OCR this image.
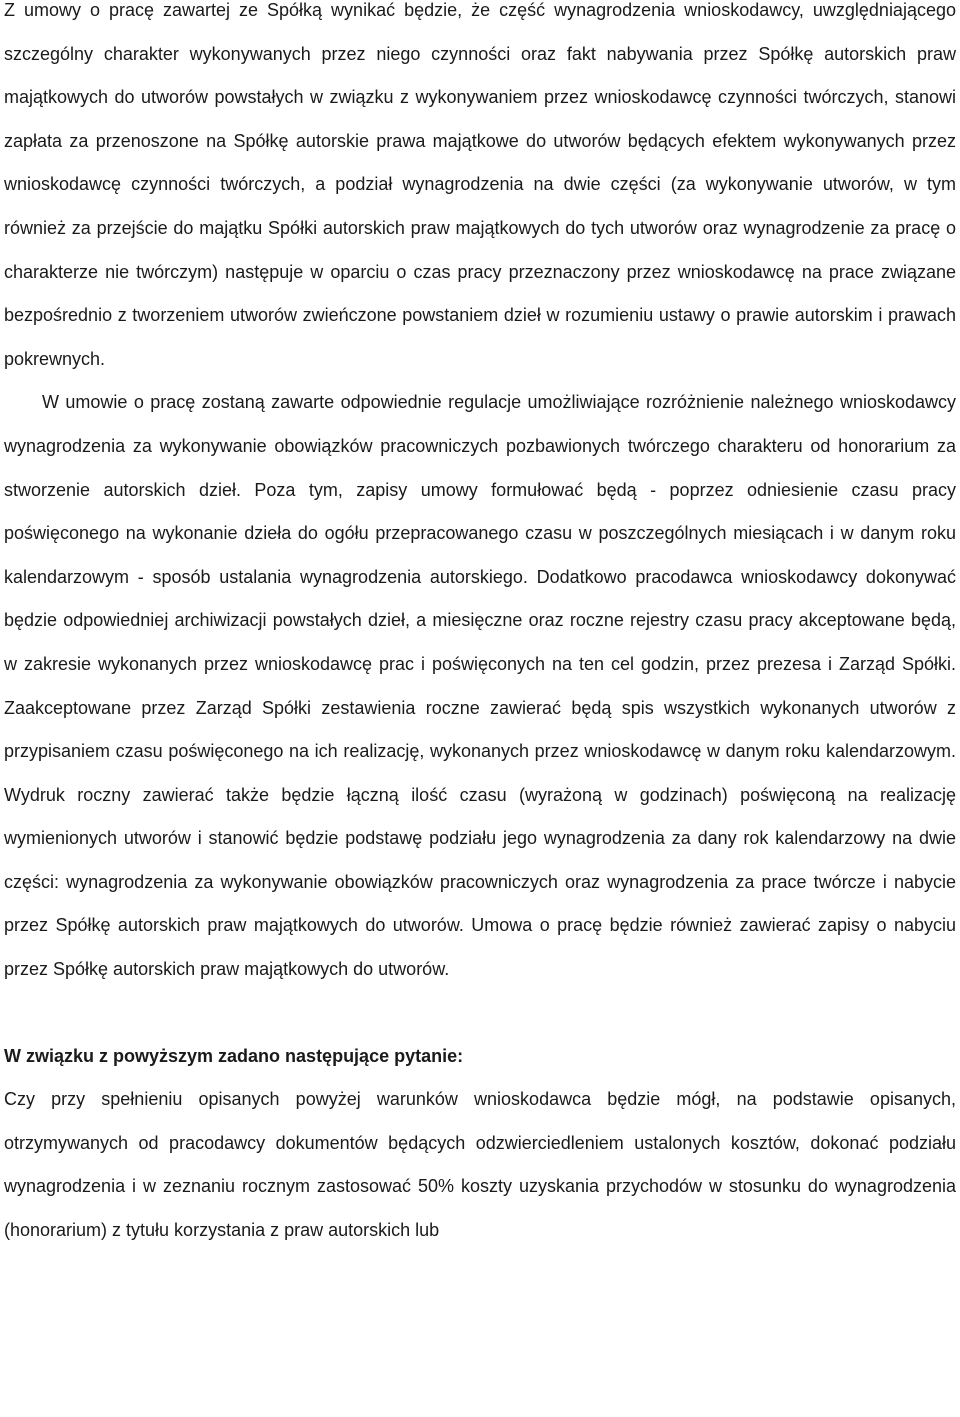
Z umowy o pracę zawartej ze Spółką wynikać będzie, że część wynagrodzenia wnioskodawcy, uwzględniającego szczególny charakter wykonywanych przez niego czynności oraz fakt nabywania przez Spółkę autorskich praw majątkowych do utworów powstałych w związku z wykonywaniem przez wnioskodawcę czynności twórczych, stanowi zapłata za przenoszone na Spółkę autorskie prawa majątkowe do utworów będących efektem wykonywanych przez wnioskodawcę czynności twórczych, a podział wynagrodzenia na dwie części (za wykonywanie utworów, w tym również za przejście do majątku Spółki autorskich praw majątkowych do tych utworów oraz wynagrodzenie za pracę o charakterze nie twórczym) następuje w oparciu o czas pracy przeznaczony przez wnioskodawcę na prace związane bezpośrednio z tworzeniem utworów zwieńczone powstaniem dzieł w rozumieniu ustawy o prawie autorskim i prawach pokrewnych.

W umowie o pracę zostaną zawarte odpowiednie regulacje umożliwiające rozróżnienie należnego wnioskodawcy wynagrodzenia za wykonywanie obowiązków pracowniczych pozbawionych twórczego charakteru od honorarium za stworzenie autorskich dzieł. Poza tym, zapisy umowy formułować będą - poprzez odniesienie czasu pracy poświęconego na wykonanie dzieła do ogółu przepracowanego czasu w poszczególnych miesiącach i w danym roku kalendarzowym - sposób ustalania wynagrodzenia autorskiego. Dodatkowo pracodawca wnioskodawcy dokonywać będzie odpowiedniej archiwizacji powstałych dzieł, a miesięczne oraz roczne rejestry czasu pracy akceptowane będą, w zakresie wykonanych przez wnioskodawcę prac i poświęconych na ten cel godzin, przez prezesa i Zarząd Spółki. Zaakceptowane przez Zarząd Spółki zestawienia roczne zawierać będą spis wszystkich wykonanych utworów z przypisaniem czasu poświęconego na ich realizację, wykonanych przez wnioskodawcę w danym roku kalendarzowym. Wydruk roczny zawierać także będzie łączną ilość czasu (wyrażoną w godzinach) poświęconą na realizację wymienionych utworów i stanowić będzie podstawę podziału jego wynagrodzenia za dany rok kalendarzowy na dwie części: wynagrodzenia za wykonywanie obowiązków pracowniczych oraz wynagrodzenia za prace twórcze i nabycie przez Spółkę autorskich praw majątkowych do utworów. Umowa o pracę będzie również zawierać zapisy o nabyciu przez Spółkę autorskich praw majątkowych do utworów.

W związku z powyższym zadano następujące pytanie:

Czy przy spełnieniu opisanych powyżej warunków wnioskodawca będzie mógł, na podstawie opisanych, otrzymywanych od pracodawcy dokumentów będących odzwierciedleniem ustalonych kosztów, dokonać podziału wynagrodzenia i w zeznaniu rocznym zastosować 50% koszty uzyskania przychodów w stosunku do wynagrodzenia (honorarium) z tytułu korzystania z praw autorskich lub
